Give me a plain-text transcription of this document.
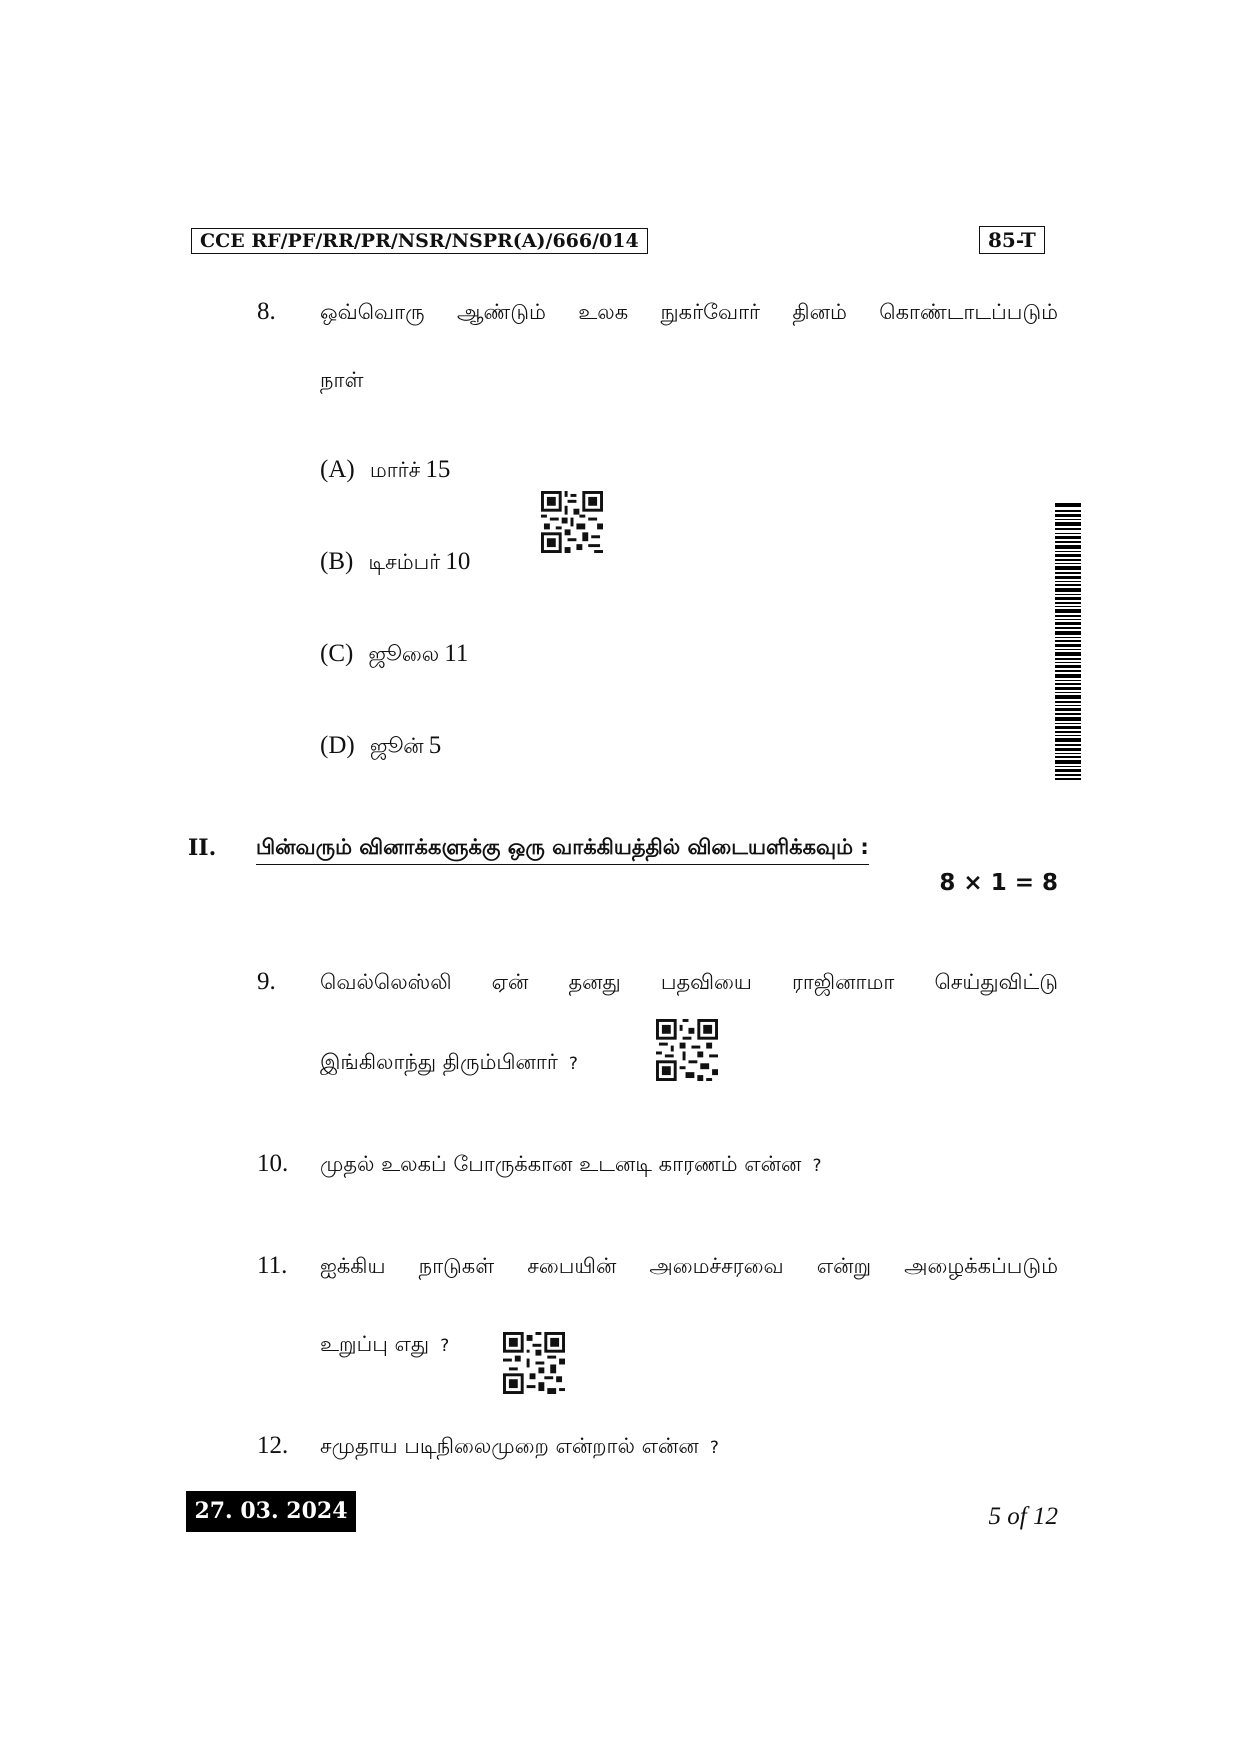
CCE RF/PF/RR/PR/NSR/NSPR(A)/666/014	85-T
8. ஒவ்வொரு ஆண்டும் உலக நுகர்வோர் தினம் கொண்டாடப்படும்
நாள்
(A) மார்ச் 15
(B) டிசம்பர் 10
(C) ஜூலை 11
(D) ஜூன் 5
II. பின்வரும் வினாக்களுக்கு ஒரு வாக்கியத்தில் விடையளிக்கவும் :
8 × 1 = 8
9. வெல்லெஸ்லி ஏன் தனது பதவியை ராஜினாமா செய்துவிட்டு
இங்கிலாந்து திரும்பினார் ?
10. முதல் உலகப் போருக்கான உடனடி காரணம் என்ன ?
11. ஐக்கிய நாடுகள் சபையின் அமைச்சரவை என்று அழைக்கப்படும்
உறுப்பு எது ?
12. சமுதாய படிநிலைமுறை என்றால் என்ன ?
27. 03. 2024	5 of 12
